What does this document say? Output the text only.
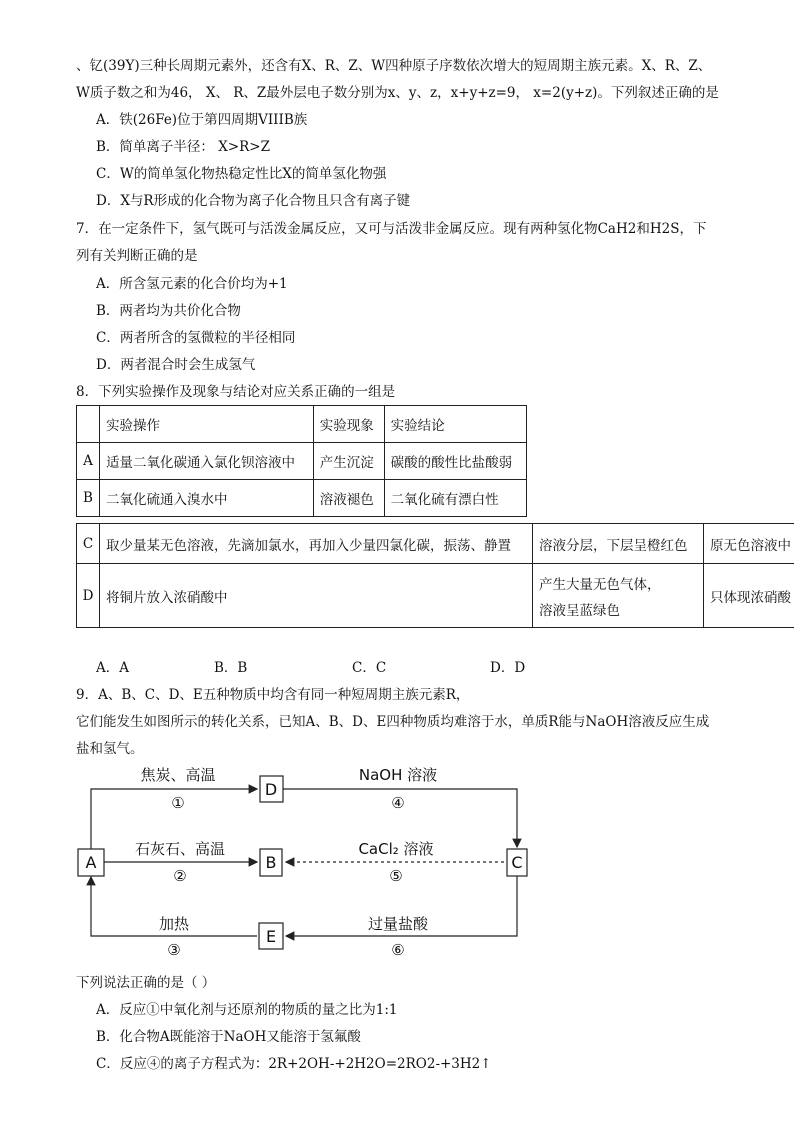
、钇(39Y)三种长周期元素外，还含有X、R、Z、W四种原子序数依次增大的短周期主族元素。X、R、Z、
W质子数之和为46， X、 R、Z最外层电子数分别为x、y、z，x+y+z=9， x=2(y+z)。下列叙述正确的是
A．铁(26Fe)位于第四周期VIIIB族
B．简单离子半径： X>R>Z
C．W的简单氢化物热稳定性比X的简单氢化物强
D．X与R形成的化合物为离子化合物且只含有离子键
7．在一定条件下，氢气既可与活泼金属反应，又可与活泼非金属反应。现有两种氢化物CaH2和H2S，下
列有关判断正确的是
A．所含氢元素的化合价均为+1
B．两者均为共价化合物
C．两者所含的氢微粒的半径相同
D．两者混合时会生成氢气
8．下列实验操作及现象与结论对应关系正确的一组是
	实验操作	实验现象	实验结论
A	适量二氧化碳通入氯化钡溶液中	产生沉淀	碳酸的酸性比盐酸弱
B	二氧化硫通入溴水中	溶液褪色	二氧化硫有漂白性
C	取少量某无色溶液，先滴加氯水，再加入少量四氯化碳，振荡、静置	溶液分层，下层呈橙红色	原无色溶液中
D	将铜片放入浓硝酸中	产生大量无色气体，
溶液呈蓝绿色	只体现浓硝酸
A．A	B．B	C．C	D．D
9．A、B、C、D、E五种物质中均含有同一种短周期主族元素R，
它们能发生如图所示的转化关系，已知A、B、D、E四种物质均难溶于水，单质R能与NaOH溶液反应生成
盐和氢气。
A	B	C
D
E
焦炭、高温
①
NaOH 溶液
④
石灰石、高温
②
CaCl₂ 溶液
⑤
加热
③
过量盐酸
⑥
下列说法正确的是（ ）
A．反应①中氧化剂与还原剂的物质的量之比为1:1
B．化合物A既能溶于NaOH又能溶于氢氟酸
C．反应④的离子方程式为：2R+2OH-+2H2O=2RO2-+3H2↑
